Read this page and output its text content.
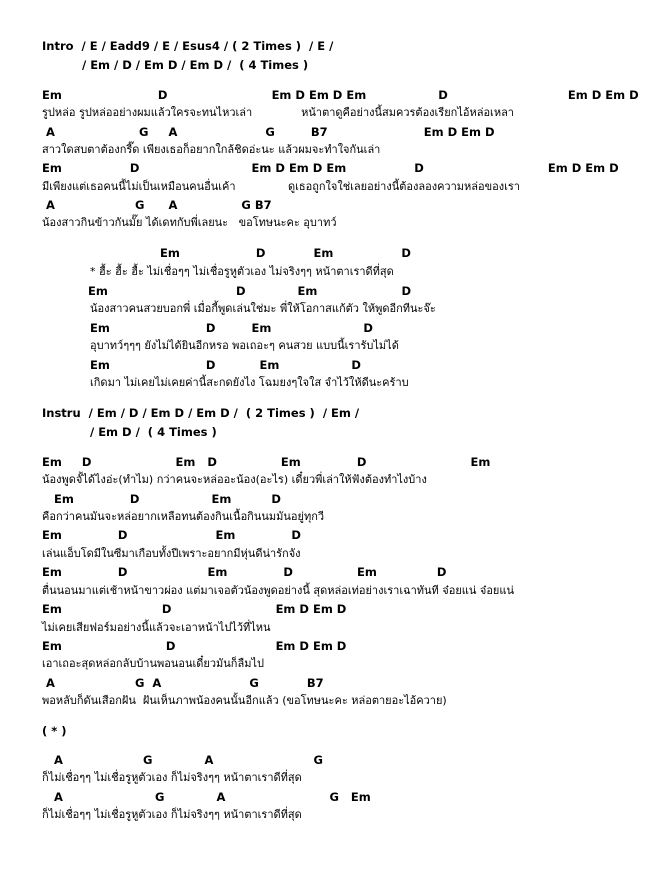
Intro  / E / Eadd9 / E / Esus4 / ( 2 Times )  / E /
/ Em / D / Em D / Em D /  ( 4 Times )
Em                        D                          Em D Em D Em                  D                              Em D Em D
รูปหล่อ รูปหล่ออย่างผมแล้วใครจะทนไหวเล่า              หน้าตาดูคือย่างนี้สมควรต้องเรียกไอ้หล่อเหลา
A                     G     A                      G         B7                        Em D Em D
สาวใดสบตาต้องกรี๊ด เพียงเธอก็อยากใกล้ชิดอ่ะนะ แล้วผมจะทำใจกันเล่า
Em                 D                            Em D Em D Em                 D                               Em D Em D
มีเพียงแต่เธอคนนี้ไม่เป็นเหมือนคนอื่นเค้า               ดูเธอถูกใจใช่เลยอย่างนี้ต้องลองความหล่อของเรา
A                    G      A                G B7
น้องสาวกินข้าวกันมั๊ย ได้เดทกับพี่เลยนะ   ขอโทษนะคะ อุบาทว์
Em                   D            Em                 D
* ฮื้ะ ฮื้ะ ฮื้ะ ไม่เชื่อๆๆ ไม่เชื่อรูหูตัวเอง ไม่จริงๆๆ หน้าตาเราดีที่สุด
Em                                D             Em                     D
น้องสาวคนสวยบอกพี่ เมื่อกี้พูดเล่นใช่มะ พี่ให้โอกาสแก้ตัว ให้พูดอีกทีนะจ๊ะ
Em                        D         Em                       D
อุบาทว์ๆๆๆ ยังไม่ได้ยินอีกหรอ พอเถอะๆ คนสวย แบบนี้เรารับไม่ได้
Em                        D           Em                  D
เกิดมา ไม่เคยไม่เคยค่านี้สะกดยังไง โฉมยงๆใจใส จำไว้ให้ดีนะคร้าบ
Instru  / Em / D / Em D / Em D /  ( 2 Times )  / Em /
/ Em D /  ( 4 Times )
Em     D                     Em   D                Em              D                          Em
น้องพูดจั้ได้ไงอ่ะ(ทำไม) กว่าคนจะหล่ออะน้อง(อะไร) เดี๋ยวพี่เล่าให้ฟังต้องทำไงบ้าง
Em              D                  Em          D
คือกว่าคนมันจะหล่อยากเหลือทนต้องกินเนื้อกินนมมันอยู่ทุกวี
Em              D                      Em              D
เล่นแอ็บโดมีในซีมาเกือบทั้งปีเพราะอยากมีหุ่นดีน่ารักจัง
Em              D                    Em              D                Em               D
ตื่นนอนมาแต่เช้าหน้าขาวผ่อง แต่มาเจอตัวน้องพูดอย่างนี้ สุดหล่อเท่อย่างเราเฉาทันที จ๋อยแน่ จ๋อยแน่
Em                         D                          Em D Em D
ไม่เคยเสียฟอร์มอย่างนี้แล้วจะเอาหน้าไปไว้ที่ไหน
Em                          D                         Em D Em D
เอาเถอะสุดหล่อกลับบ้านพอนอนเดี๋ยวมันก็ลืมไป
A                    G  A                      G            B7
พอหลับก็ดันเสือกฝัน  ฝันเห็นภาพน้องคนนั้นอีกแล้ว (ขอโทษนะคะ หล่อตายอะไอ้ควาย)
( * )
A                    G             A                         G
ก็ไม่เชื่อๆๆ ไม่เชื่อรูหูตัวเอง ก็ไม่จริงๆๆ หน้าตาเราดีที่สุด
A                       G             A                          G   Em
ก็ไม่เชื่อๆๆ ไม่เชื่อรูหูตัวเอง ก็ไม่จริงๆๆ หน้าตาเราดีที่สุด
